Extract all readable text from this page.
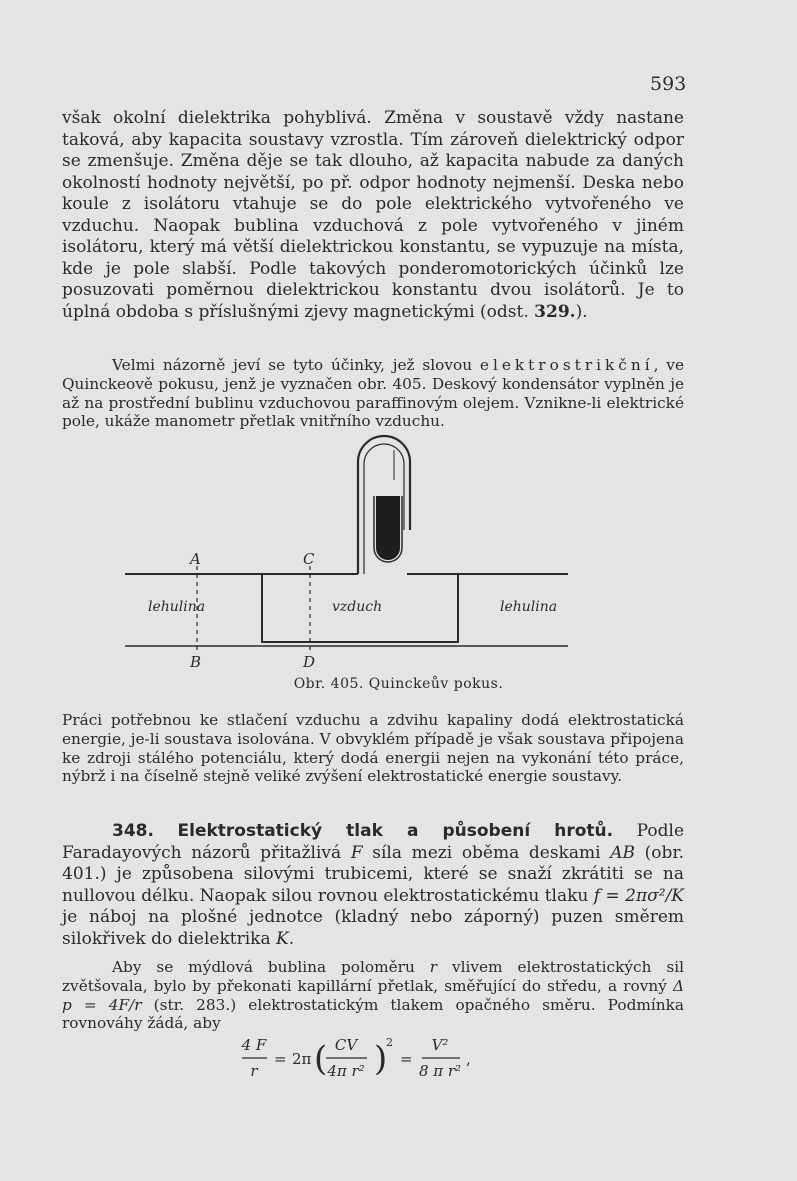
593

však okolní dielektrika pohyblivá. Změna v soustavě vždy nastane taková, aby kapacita soustavy vzrostla. Tím zároveň dielektrický odpor se zmenšuje. Změna děje se tak dlouho, až kapacita nabude za daných okolností hodnoty největší, po př. odpor hodnoty nejmenší. Deska nebo koule z isolátoru vtahuje se do pole elektrického vytvořeného ve vzduchu. Naopak bublina vzduchová z pole vytvořeného v jiném isolátoru, který má větší dielektrickou konstantu, se vypuzuje na místa, kde je pole slabší. Podle takových ponderomotorických účinků lze posuzovati poměrnou dielektrickou konstantu dvou isolátorů. Je to úplná obdoba s příslušnými zjevy magnetickými (odst. 329.).

Velmi názorně jeví se tyto účinky, jež slovou elektrostrikční, ve Quinckeově pokusu, jenž je vyznačen obr. 405. Deskový kondensátor vyplněn je až na prostřední bublinu vzduchovou paraffinovým olejem. Vznikne-li elektrické pole, ukáže manometr přetlak vnitřního vzduchu.

A	C
B	D
lehulina	vzduch	lehulina
Obr. 405. Quinckeův pokus.

Práci potřebnou ke stlačení vzduchu a zdvihu kapaliny dodá elektrostatická energie, je-li soustava isolována. V obvyklém případě je však soustava připojena ke zdroji stálého potenciálu, který dodá energii nejen na vykonání této práce, nýbrž i na číselně stejně veliké zvýšení elektrostatické energie soustavy.

348. Elektrostatický tlak a působení hrotů. Podle Faradayových názorů přitažlivá F síla mezi oběma deskami AB (obr. 401.) je způsobena silovými trubicemi, které se snaží zkrátiti se na nullovou délku. Naopak silou rovnou elektrostatickému tlaku f = 2πσ²/K je náboj na plošné jednotce (kladný nebo záporný) puzen směrem silokřivek do dielektrika K.

Aby se mýdlová bublina poloměru r vlivem elektrostatických sil zvětšovala, bylo by překonati kapillární přetlak, směřující do středu, a rovný Δ p = 4F/r (str. 283.) elektrostatickým tlakem opačného směru. Podmínka rovnováhy žádá, aby

4 F
r
= 2π ( CV
4π r² )
2
=
V²
8 π r²
,
